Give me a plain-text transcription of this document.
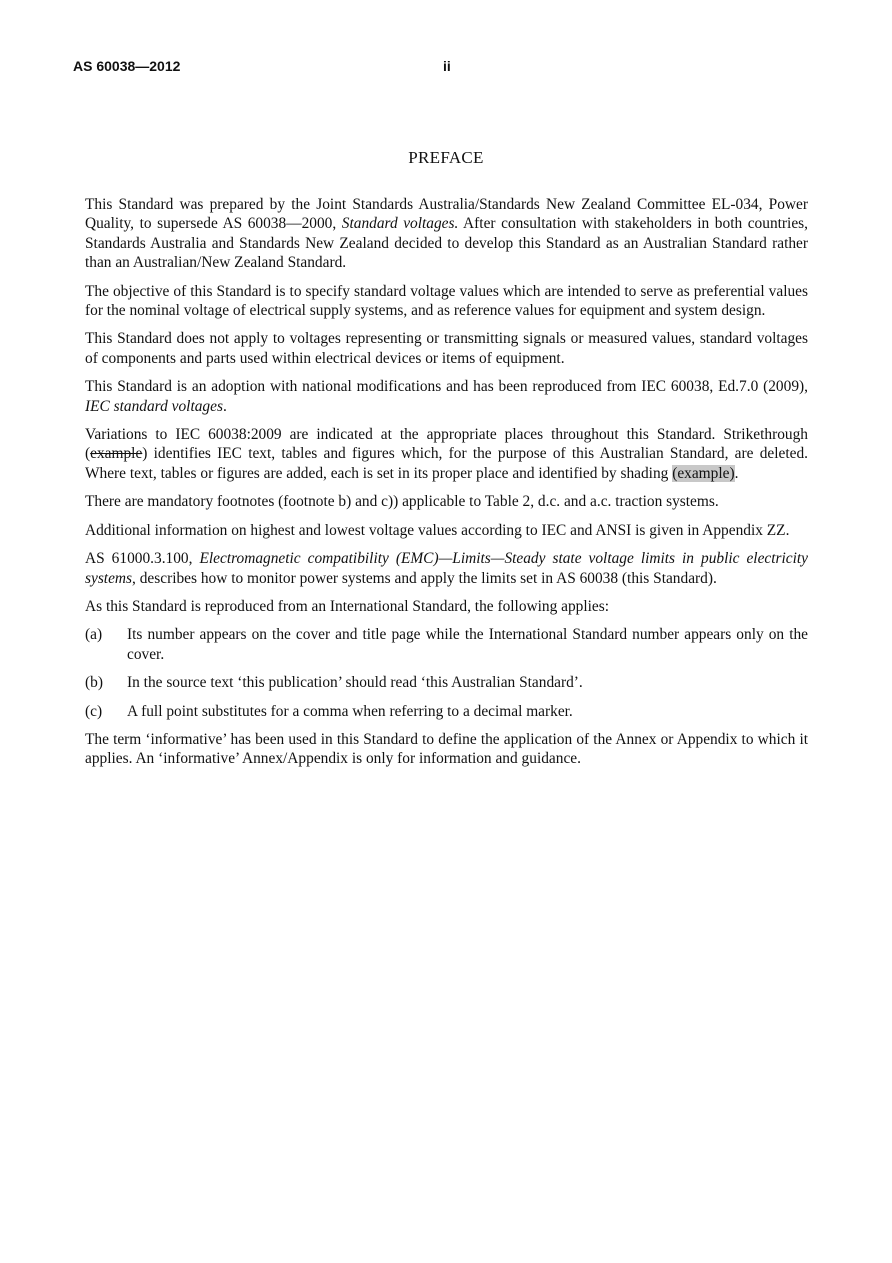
AS 60038—2012	ii
PREFACE

This Standard was prepared by the Joint Standards Australia/Standards New Zealand Committee EL-034, Power Quality, to supersede AS 60038—2000, Standard voltages. After consultation with stakeholders in both countries, Standards Australia and Standards New Zealand decided to develop this Standard as an Australian Standard rather than an Australian/New Zealand Standard.

The objective of this Standard is to specify standard voltage values which are intended to serve as preferential values for the nominal voltage of electrical supply systems, and as reference values for equipment and system design.

This Standard does not apply to voltages representing or transmitting signals or measured values, standard voltages of components and parts used within electrical devices or items of equipment.

This Standard is an adoption with national modifications and has been reproduced from IEC 60038, Ed.7.0 (2009), IEC standard voltages.

Variations to IEC 60038:2009 are indicated at the appropriate places throughout this Standard. Strikethrough (example) identifies IEC text, tables and figures which, for the purpose of this Australian Standard, are deleted. Where text, tables or figures are added, each is set in its proper place and identified by shading (example).

There are mandatory footnotes (footnote b) and c)) applicable to Table 2, d.c. and a.c. traction systems.

Additional information on highest and lowest voltage values according to IEC and ANSI is given in Appendix ZZ.

AS 61000.3.100, Electromagnetic compatibility (EMC)—Limits—Steady state voltage limits in public electricity systems, describes how to monitor power systems and apply the limits set in AS 60038 (this Standard).

As this Standard is reproduced from an International Standard, the following applies:

(a)	Its number appears on the cover and title page while the International Standard number appears only on the cover.
(b)	In the source text ‘this publication’ should read ‘this Australian Standard’.
(c)	A full point substitutes for a comma when referring to a decimal marker.

The term ‘informative’ has been used in this Standard to define the application of the Annex or Appendix to which it applies. An ‘informative’ Annex/Appendix is only for information and guidance.
